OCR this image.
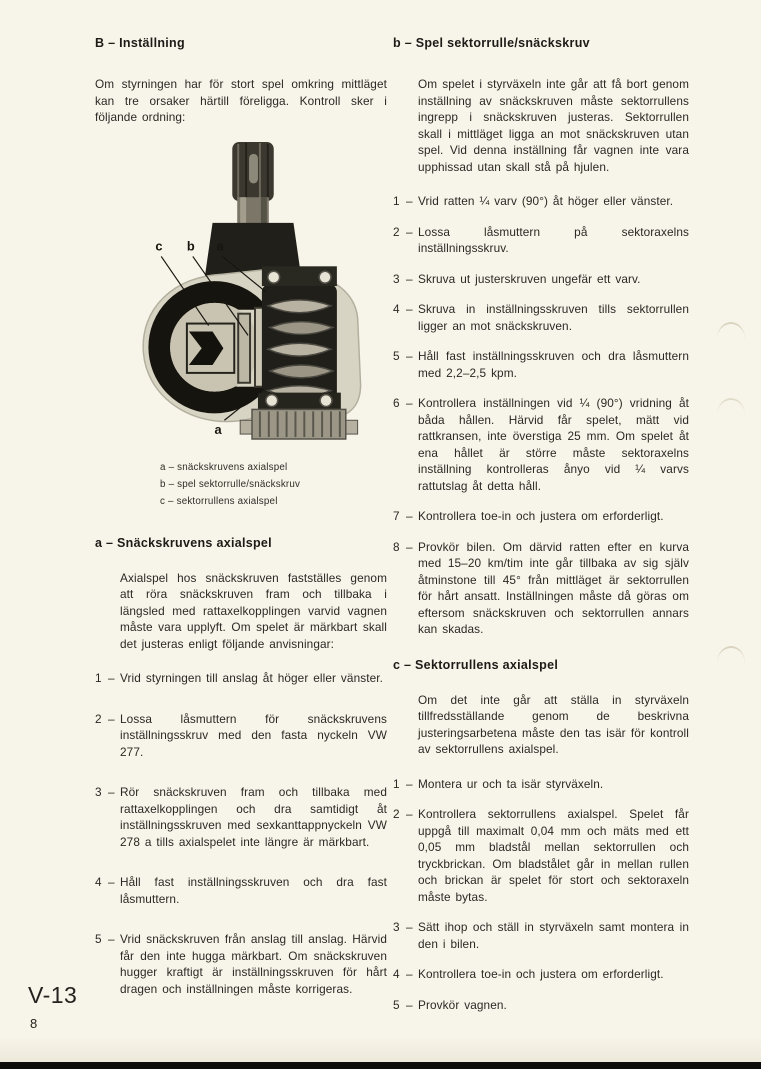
B – Inställning

Om styrningen har för stort spel omkring mittläget kan tre orsaker härtill föreligga. Kontroll sker i följande ordning:

c b a
a
a – snäckskruvens axialspel
b – spel sektorrulle/snäckskruv
c – sektorrullens axialspel
a – Snäckskruvens axialspel

Axialspel hos snäckskruven fastställes genom att röra snäckskruven fram och tillbaka i längsled med rattaxelkopplingen varvid vagnen måste vara upplyft. Om spelet är märkbart skall det justeras enligt följande anvisningar:

1 – Vrid styrningen till anslag åt höger eller vänster.
2 – Lossa låsmuttern för snäckskruvens inställningsskruv med den fasta nyckeln VW 277.
3 – Rör snäckskruven fram och tillbaka med rattaxelkopplingen och dra samtidigt åt inställningsskruven med sexkanttappnyckeln VW 278 a tills axialspelet inte längre är märkbart.
4 – Håll fast inställningsskruven och dra fast låsmuttern.
5 – Vrid snäckskruven från anslag till anslag. Härvid får den inte hugga märkbart. Om snäckskruven hugger kraftigt är inställningsskruven för hårt dragen och inställningen måste korrigeras.
b – Spel sektorrulle/snäckskruv

Om spelet i styrväxeln inte går att få bort genom inställning av snäckskruven måste sektorrullens ingrepp i snäckskruven justeras. Sektorrullen skall i mittläget ligga an mot snäckskruven utan spel. Vid denna inställning får vagnen inte vara upphissad utan skall stå på hjulen.

1 – Vrid ratten ¼ varv (90°) åt höger eller vänster.
2 – Lossa låsmuttern på sektoraxelns inställningsskruv.
3 – Skruva ut justerskruven ungefär ett varv.
4 – Skruva in inställningsskruven tills sektorrullen ligger an mot snäckskruven.
5 – Håll fast inställningsskruven och dra låsmuttern med 2,2–2,5 kpm.
6 – Kontrollera inställningen vid ¼ (90°) vridning åt båda hållen. Härvid får spelet, mätt vid rattkransen, inte överstiga 25 mm. Om spelet åt ena hållet är större måste sektoraxelns inställning kontrolleras ånyo vid ¼ varvs rattutslag åt detta håll.
7 – Kontrollera toe-in och justera om erforderligt.
8 – Provkör bilen. Om därvid ratten efter en kurva med 15–20 km/tim inte går tillbaka av sig själv åtminstone till 45° från mittläget är sektorrullen för hårt ansatt. Inställningen måste då göras om eftersom snäckskruven och sektorrullen annars kan skadas.
c – Sektorrullens axialspel

Om det inte går att ställa in styrväxeln tillfredsställande genom de beskrivna justeringsarbetena måste den tas isär för kontroll av sektorrullens axialspel.

1 – Montera ur och ta isär styrväxeln.
2 – Kontrollera sektorrullens axialspel. Spelet får uppgå till maximalt 0,04 mm och mäts med ett 0,05 mm bladstål mellan sektorrullen och tryckbrickan. Om bladstålet går in mellan rullen och brickan är spelet för stort och sektoraxeln måste bytas.
3 – Sätt ihop och ställ in styrväxeln samt montera in den i bilen.
4 – Kontrollera toe-in och justera om erforderligt.
5 – Provkör vagnen.
V-13
8
